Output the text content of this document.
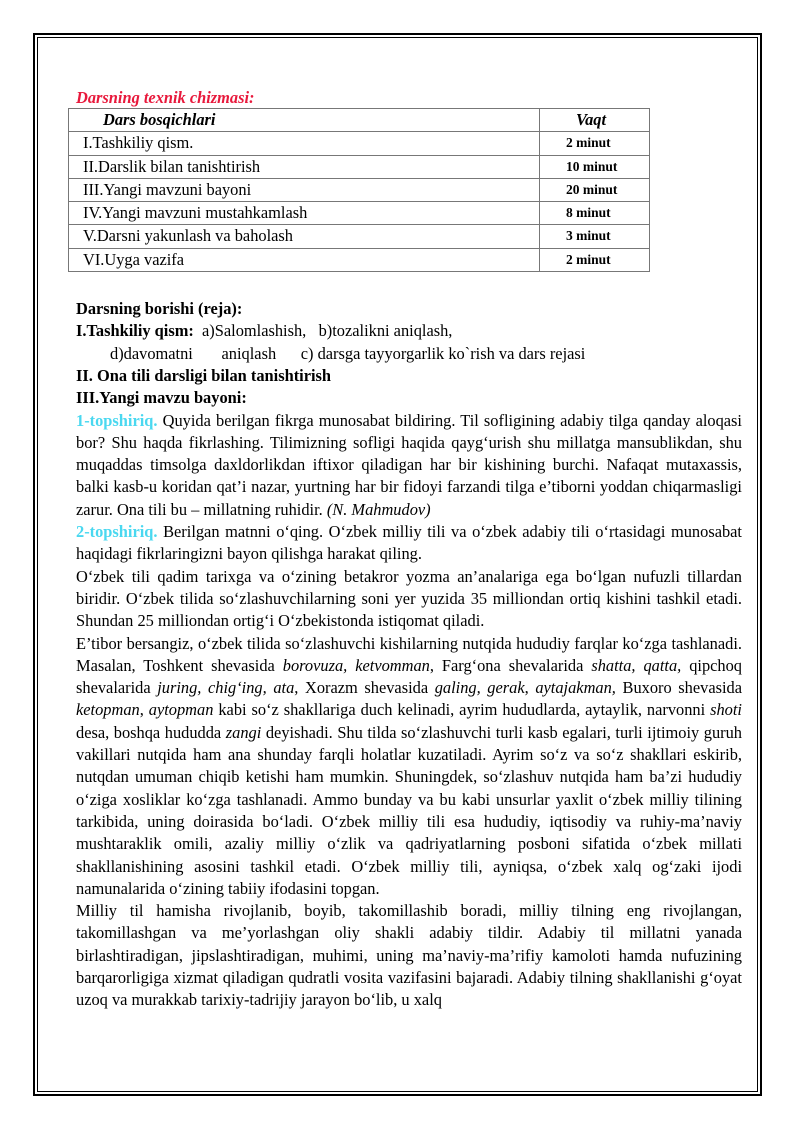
Darsning texnik chizmasi:

Dars bosqichlari	Vaqt
I.Tashkiliy qism.	2 minut
II.Darslik bilan tanishtirish	10 minut
III.Yangi mavzuni bayoni	20 minut
IV.Yangi mavzuni mustahkamlash	8 minut
V.Darsni yakunlash va baholash	3 minut
VI.Uyga vazifa	2 minut

Darsning borishi (reja):

I.Tashkiliy qism: a)Salomlashish,   b)tozalikni aniqlash,

d)davomatni       aniqlash      c) darsga tayyorgarlik ko`rish va dars rejasi

II. Ona tili darsligi bilan tanishtirish

III.Yangi mavzu bayoni:

1-topshiriq. Quyida berilgan fikrga munosabat bildiring. Til sofligining adabiy tilga qanday aloqasi bor? Shu haqda fikrlashing. Tilimizning sofligi haqida qayg‘urish shu millatga mansublikdan, shu muqaddas timsolga daxldorlikdan iftixor qiladigan har bir kishining burchi. Nafaqat mutaxassis, balki kasb-u koridan qat’i nazar, yurtning har bir fidoyi farzandi tilga e’tiborni yoddan chiqarmasligi zarur. Ona tili bu – millatning ruhidir. (N. Mahmudov)

2-topshiriq. Berilgan matnni o‘qing. O‘zbek milliy tili va o‘zbek adabiy tili o‘rtasidagi munosabat haqidagi fikrlaringizni bayon qilishga harakat qiling.

O‘zbek tili qadim tarixga va o‘zining betakror yozma an’analariga ega bo‘lgan nufuzli tillardan biridir. O‘zbek tilida so‘zlashuvchilarning soni yer yuzida 35 milliondan ortiq kishini tashkil etadi. Shundan 25 milliondan ortig‘i O‘zbekistonda istiqomat qiladi.

E’tibor bersangiz, o‘zbek tilida so‘zlashuvchi kishilarning nutqida hududiy farqlar ko‘zga tashlanadi. Masalan, Toshkent shevasida borovuza, ketvomman, Farg‘ona shevalarida shatta, qatta, qipchoq shevalarida juring, chig‘ing, ata, Xorazm shevasida galing, gerak, aytajakman, Buxoro shevasida ketopman, aytopman kabi so‘z shakllariga duch kelinadi, ayrim hududlarda, aytaylik, narvonni shoti desa, boshqa hududda zangi deyishadi. Shu tilda so‘zlashuvchi turli kasb egalari, turli ijtimoiy guruh vakillari nutqida ham ana shunday farqli holatlar kuzatiladi. Ayrim so‘z va so‘z shakllari eskirib, nutqdan umuman chiqib ketishi ham mumkin. Shuningdek, so‘zlashuv nutqida ham ba’zi hududiy o‘ziga xosliklar ko‘zga tashlanadi. Ammo bunday va bu kabi unsurlar yaxlit o‘zbek milliy tilining tarkibida, uning doirasida bo‘ladi. O‘zbek milliy tili esa hududiy, iqtisodiy va ruhiy-ma’naviy mushtaraklik omili, azaliy milliy o‘zlik va qadriyatlarning posboni sifatida o‘zbek millati shakllanishining asosini tashkil etadi. O‘zbek milliy tili, ayniqsa, o‘zbek xalq og‘zaki ijodi namunalarida o‘zining tabiiy ifodasini topgan.

Milliy til hamisha rivojlanib, boyib, takomillashib boradi, milliy tilning eng rivojlangan, takomillashgan va me’yorlashgan oliy shakli adabiy tildir. Adabiy til millatni yanada birlashtiradigan, jipslashtiradigan, muhimi, uning ma’naviy-ma’rifiy kamoloti hamda nufuzining barqarorligiga xizmat qiladigan qudratli vosita vazifasini bajaradi. Adabiy tilning shakllanishi g‘oyat uzoq va murakkab tarixiy-tadrijiy jarayon bo‘lib, u xalq
